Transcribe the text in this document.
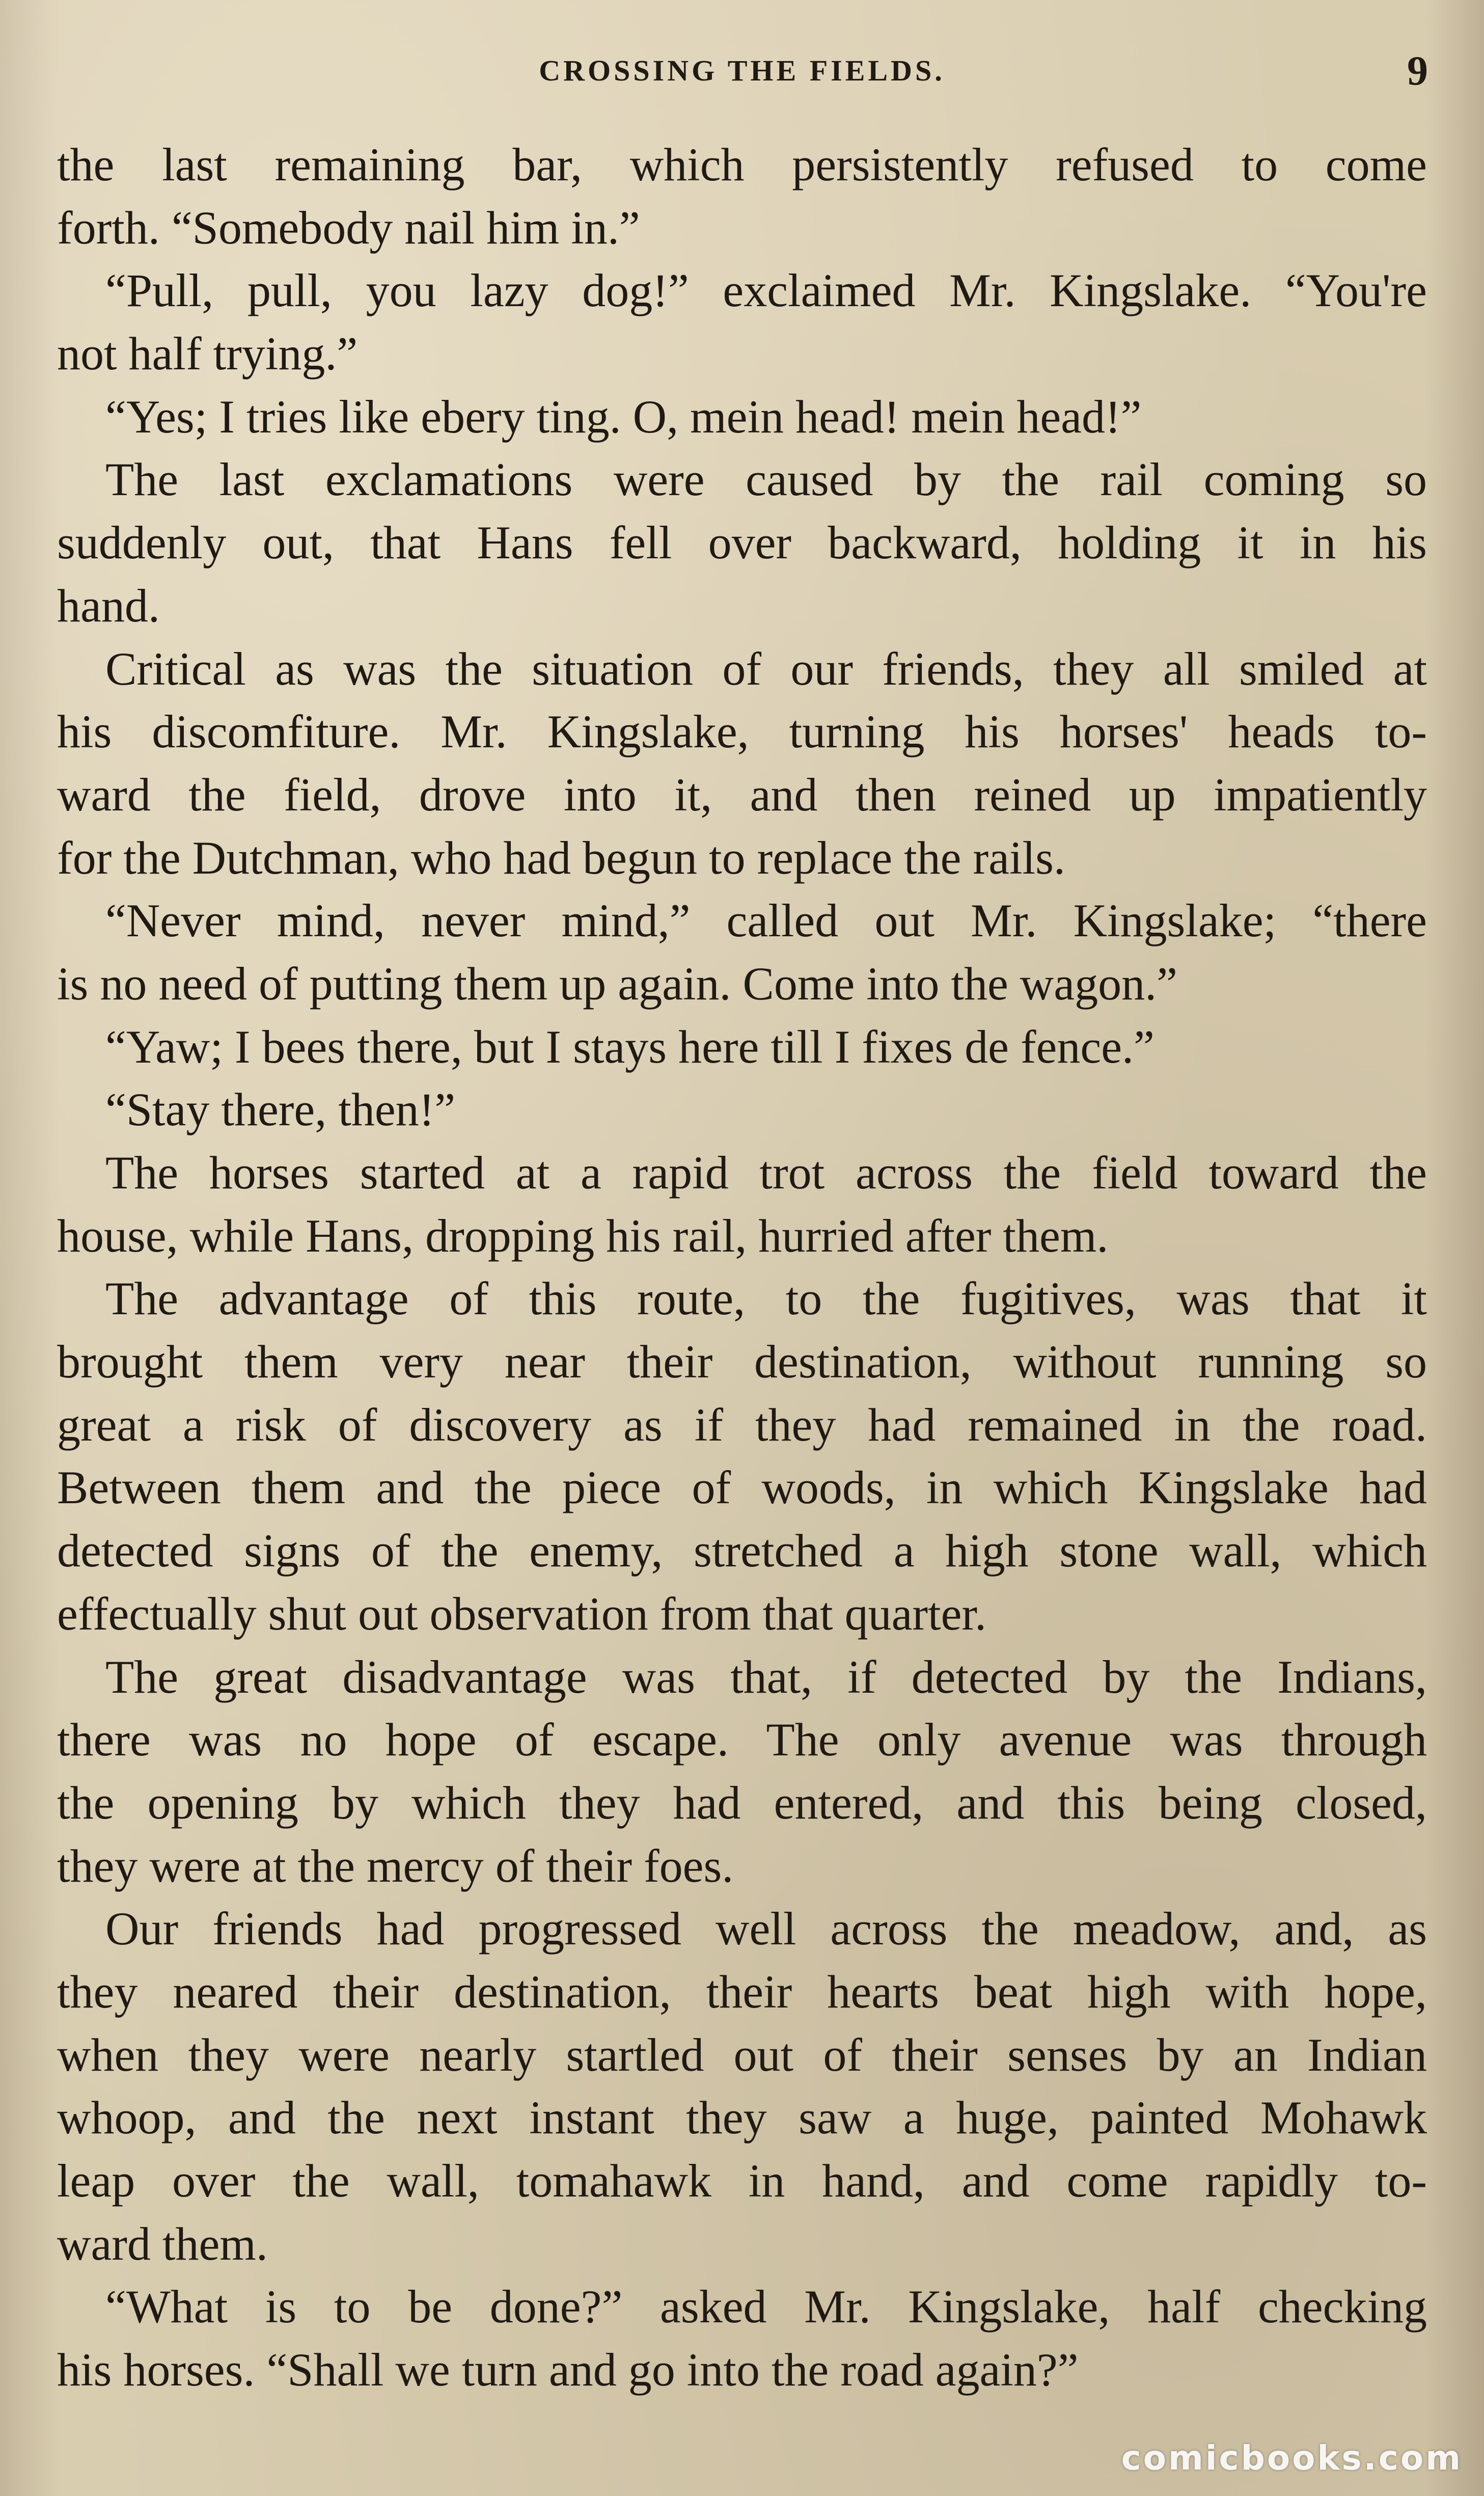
CROSSING THE FIELDS.	9
the last remaining bar, which persistently refused to come
forth. “Somebody nail him in.”
“Pull, pull, you lazy dog!” exclaimed Mr. Kingslake. “You're
not half trying.”
“Yes; I tries like ebery ting. O, mein head! mein head!”
The last exclamations were caused by the rail coming so
suddenly out, that Hans fell over backward, holding it in his
hand.
Critical as was the situation of our friends, they all smiled at
his discomfiture. Mr. Kingslake, turning his horses' heads to-
ward the field, drove into it, and then reined up impatiently
for the Dutchman, who had begun to replace the rails.
“Never mind, never mind,” called out Mr. Kingslake; “there
is no need of putting them up again. Come into the wagon.”
“Yaw; I bees there, but I stays here till I fixes de fence.”
“Stay there, then!”
The horses started at a rapid trot across the field toward the
house, while Hans, dropping his rail, hurried after them.
The advantage of this route, to the fugitives, was that it
brought them very near their destination, without running so
great a risk of discovery as if they had remained in the road.
Between them and the piece of woods, in which Kingslake had
detected signs of the enemy, stretched a high stone wall, which
effectually shut out observation from that quarter.
The great disadvantage was that, if detected by the Indians,
there was no hope of escape. The only avenue was through
the opening by which they had entered, and this being closed,
they were at the mercy of their foes.
Our friends had progressed well across the meadow, and, as
they neared their destination, their hearts beat high with hope,
when they were nearly startled out of their senses by an Indian
whoop, and the next instant they saw a huge, painted Mohawk
leap over the wall, tomahawk in hand, and come rapidly to-
ward them.
“What is to be done?” asked Mr. Kingslake, half checking
his horses. “Shall we turn and go into the road again?”
comicbooks.com
